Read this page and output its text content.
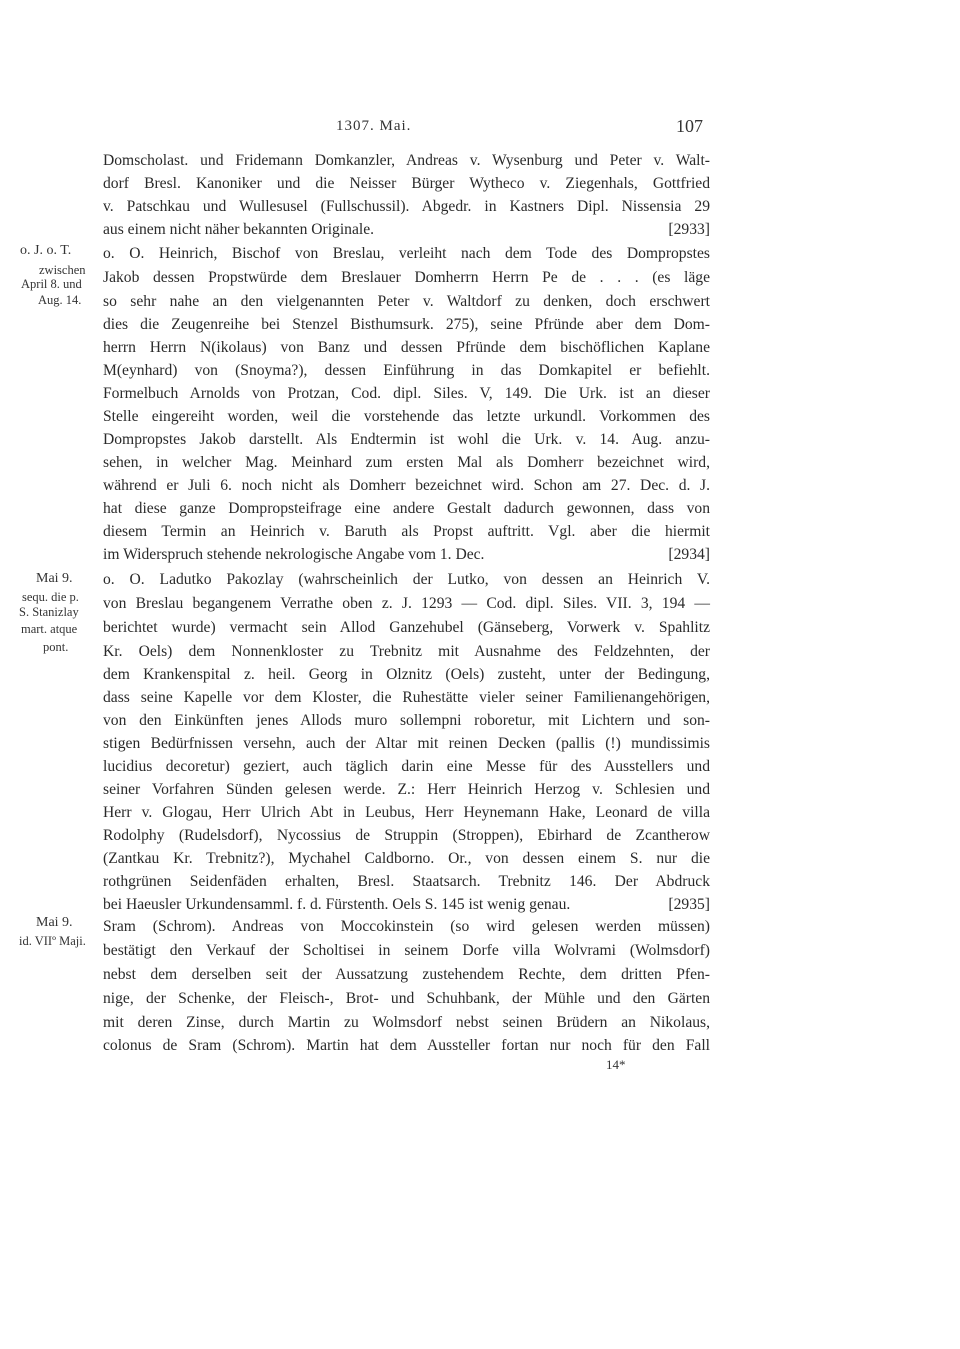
1307. Mai.	107
o. J. o. T.
zwischen
April 8. und
Aug. 14.
Mai 9.
sequ. die p.
S. Stanizlay
mart. atque
pont.
Mai 9.
id. VIIº Maji.
Domscholast. und Fridemann Domkanzler, Andreas v. Wysenburg und Peter v. Walt-
dorf Bresl. Kanoniker und die Neisser Bürger Wytheco v. Ziegenhals, Gottfried
v. Patschkau und Wullesusel (Fullschussil). Abgedr. in Kastners Dipl. Nissensia 29
aus einem nicht näher bekannten Originale.	[2933]
o. O. Heinrich, Bischof von Breslau, verleiht nach dem Tode des Dompropstes
Jakob dessen Propstwürde dem Breslauer Domherrn Herrn Pe de . . . (es läge
so sehr nahe an den vielgenannten Peter v. Waltdorf zu denken, doch erschwert
dies die Zeugenreihe bei Stenzel Bisthumsurk. 275), seine Pfründe aber dem Dom-
herrn Herrn N(ikolaus) von Banz und dessen Pfründe dem bischöflichen Kaplane
M(eynhard) von (Snoyma?), dessen Einführung in das Domkapitel er befiehlt.
Formelbuch Arnolds von Protzan, Cod. dipl. Siles. V, 149. Die Urk. ist an dieser
Stelle eingereiht worden, weil die vorstehende das letzte urkundl. Vorkommen des
Dompropstes Jakob darstellt. Als Endtermin ist wohl die Urk. v. 14. Aug. anzu-
sehen, in welcher Mag. Meinhard zum ersten Mal als Domherr bezeichnet wird,
während er Juli 6. noch nicht als Domherr bezeichnet wird. Schon am 27. Dec. d. J.
hat diese ganze Dompropsteifrage eine andere Gestalt dadurch gewonnen, dass von
diesem Termin an Heinrich v. Baruth als Propst auftritt. Vgl. aber die hiermit
im Widerspruch stehende nekrologische Angabe vom 1. Dec.	[2934]
o. O. Ladutko Pakozlay (wahrscheinlich der Lutko, von dessen an Heinrich V.
von Breslau begangenem Verrathe oben z. J. 1293 — Cod. dipl. Siles. VII. 3, 194 —
berichtet wurde) vermacht sein Allod Ganzehubel (Gänseberg, Vorwerk v. Spahlitz
Kr. Oels) dem Nonnenkloster zu Trebnitz mit Ausnahme des Feldzehnten, der
dem Krankenspital z. heil. Georg in Olznitz (Oels) zusteht, unter der Bedingung,
dass seine Kapelle vor dem Kloster, die Ruhestätte vieler seiner Familienangehörigen,
von den Einkünften jenes Allods muro sollempni roboretur, mit Lichtern und son-
stigen Bedürfnissen versehn, auch der Altar mit reinen Decken (pallis (!) mundissimis
lucidius decoretur) geziert, auch täglich darin eine Messe für des Ausstellers und
seiner Vorfahren Sünden gelesen werde. Z.: Herr Heinrich Herzog v. Schlesien und
Herr v. Glogau, Herr Ulrich Abt in Leubus, Herr Heynemann Hake, Leonard de villa
Rodolphy (Rudelsdorf), Nycossius de Struppin (Stroppen), Ebirhard de Zcantherow
(Zantkau Kr. Trebnitz?), Mychahel Caldborno. Or., von dessen einem S. nur die
rothgrünen Seidenfäden erhalten, Bresl. Staatsarch. Trebnitz 146. Der Abdruck
bei Haeusler Urkundensamml. f. d. Fürstenth. Oels S. 145 ist wenig genau.	[2935]
Sram (Schrom). Andreas von Moccokinstein (so wird gelesen werden müssen)
bestätigt den Verkauf der Scholtisei in seinem Dorfe villa Wolvrami (Wolmsdorf)
nebst dem derselben seit der Aussatzung zustehendem Rechte, dem dritten Pfen-
nige, der Schenke, der Fleisch-, Brot- und Schuhbank, der Mühle und den Gärten
mit deren Zinse, durch Martin zu Wolmsdorf nebst seinen Brüdern an Nikolaus,
colonus de Sram (Schrom). Martin hat dem Aussteller fortan nur noch für den Fall
14*
